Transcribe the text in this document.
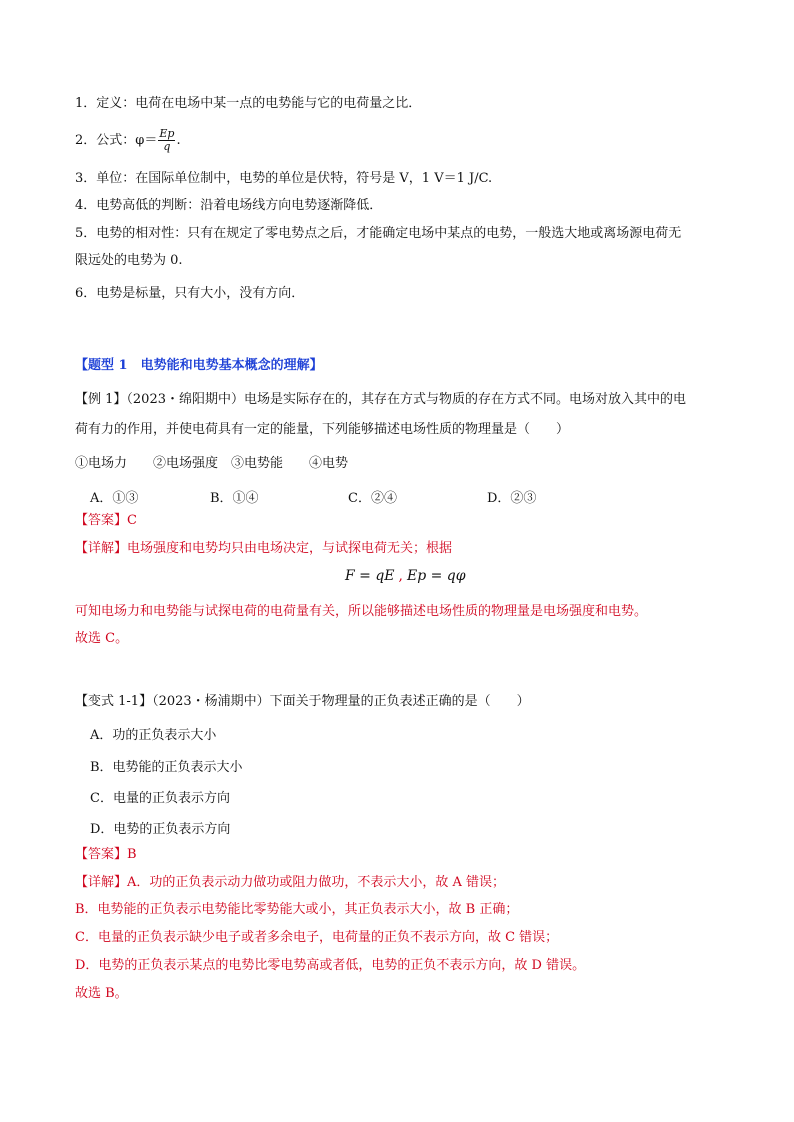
1．定义：电荷在电场中某一点的电势能与它的电荷量之比．
2．公式：$\varphi= \frac{Ep}{q}$ .
3．单位：在国际单位制中，电势的单位是伏特，符号是 V，1 V＝1 J/C.
4．电势高低的判断：沿着电场线方向电势逐渐降低．
5．电势的相对性：只有在规定了零电势点之后，才能确定电场中某点的电势，一般选大地或离场源电荷无
限远处的电势为 0.
6．电势是标量，只有大小，没有方向．
【题型 1　电势能和电势基本概念的理解】
【例 1】（2023・绵阳期中）电场是实际存在的，其存在方式与物质的存在方式不同。电场对放入其中的电
荷有力的作用，并使电荷具有一定的能量，下列能够描述电场性质的物理量是（　　）
①电场力　　②电场强度　③电势能　　④电势
A．①③	B．①④	C．②④	D．②③
【答案】C
【详解】电场强度和电势均只由电场决定，与试探电荷无关；根据
F = qE , Ep = qφ
可知电场力和电势能与试探电荷的电荷量有关，所以能够描述电场性质的物理量是电场强度和电势。
故选 C。
【变式 1-1】（2023・杨浦期中）下面关于物理量的正负表述正确的是（　　）
A．功的正负表示大小
B．电势能的正负表示大小
C．电量的正负表示方向
D．电势的正负表示方向
【答案】B
【详解】A．功的正负表示动力做功或阻力做功，不表示大小，故 A 错误；
B．电势能的正负表示电势能比零势能大或小，其正负表示大小，故 B 正确；
C．电量的正负表示缺少电子或者多余电子，电荷量的正负不表示方向，故 C 错误；
D．电势的正负表示某点的电势比零电势高或者低，电势的正负不表示方向，故 D 错误。
故选 B。
